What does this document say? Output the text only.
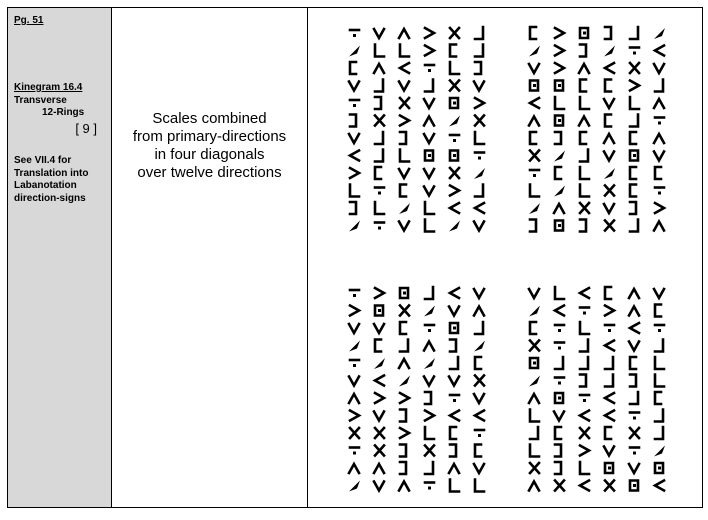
Pg. 51
Kinegram 16.4
Transverse
12-Rings
[ 9 ]
See VII.4 for
Translation into
Labanotation
direction-signs
Scales combined
from primary-directions
in four diagonals
over twelve directions
